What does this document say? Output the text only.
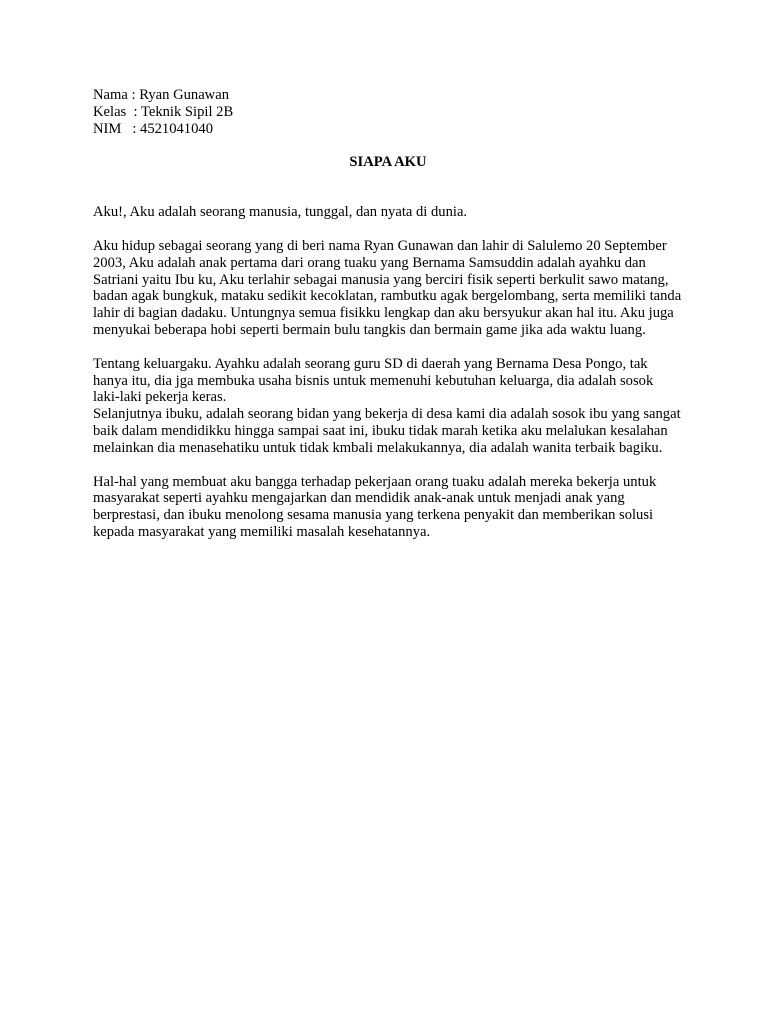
Nama : Ryan Gunawan
Kelas  : Teknik Sipil 2B
NIM   : 4521041040
SIAPA AKU

Aku!, Aku adalah seorang manusia, tunggal, dan nyata di dunia.

Aku hidup sebagai seorang yang di beri nama Ryan Gunawan dan lahir di Salulemo 20 September 2003, Aku adalah anak pertama dari orang tuaku yang Bernama Samsuddin adalah ayahku dan Satriani yaitu Ibu ku, Aku terlahir sebagai manusia yang berciri fisik seperti berkulit sawo matang, badan agak bungkuk, mataku sedikit kecoklatan, rambutku agak bergelombang, serta memiliki tanda lahir di bagian dadaku. Untungnya semua fisikku lengkap dan aku bersyukur akan hal itu. Aku juga menyukai beberapa hobi seperti bermain bulu tangkis dan bermain game jika ada waktu luang.

Tentang keluargaku. Ayahku adalah seorang guru SD di daerah yang Bernama Desa Pongo, tak hanya itu, dia jga membuka usaha bisnis untuk memenuhi kebutuhan keluarga, dia adalah sosok laki-laki pekerja keras.

Selanjutnya ibuku, adalah seorang bidan yang bekerja di desa kami dia adalah sosok ibu yang sangat baik dalam mendidikku hingga sampai saat ini, ibuku tidak marah ketika aku melalukan kesalahan melainkan dia menasehatiku untuk tidak kmbali melakukannya, dia adalah wanita terbaik bagiku.

Hal-hal yang membuat aku bangga terhadap pekerjaan orang tuaku adalah mereka bekerja untuk masyarakat seperti ayahku mengajarkan dan mendidik anak-anak untuk menjadi anak yang berprestasi, dan ibuku menolong sesama manusia yang terkena penyakit dan memberikan solusi kepada masyarakat yang memiliki masalah kesehatannya.
